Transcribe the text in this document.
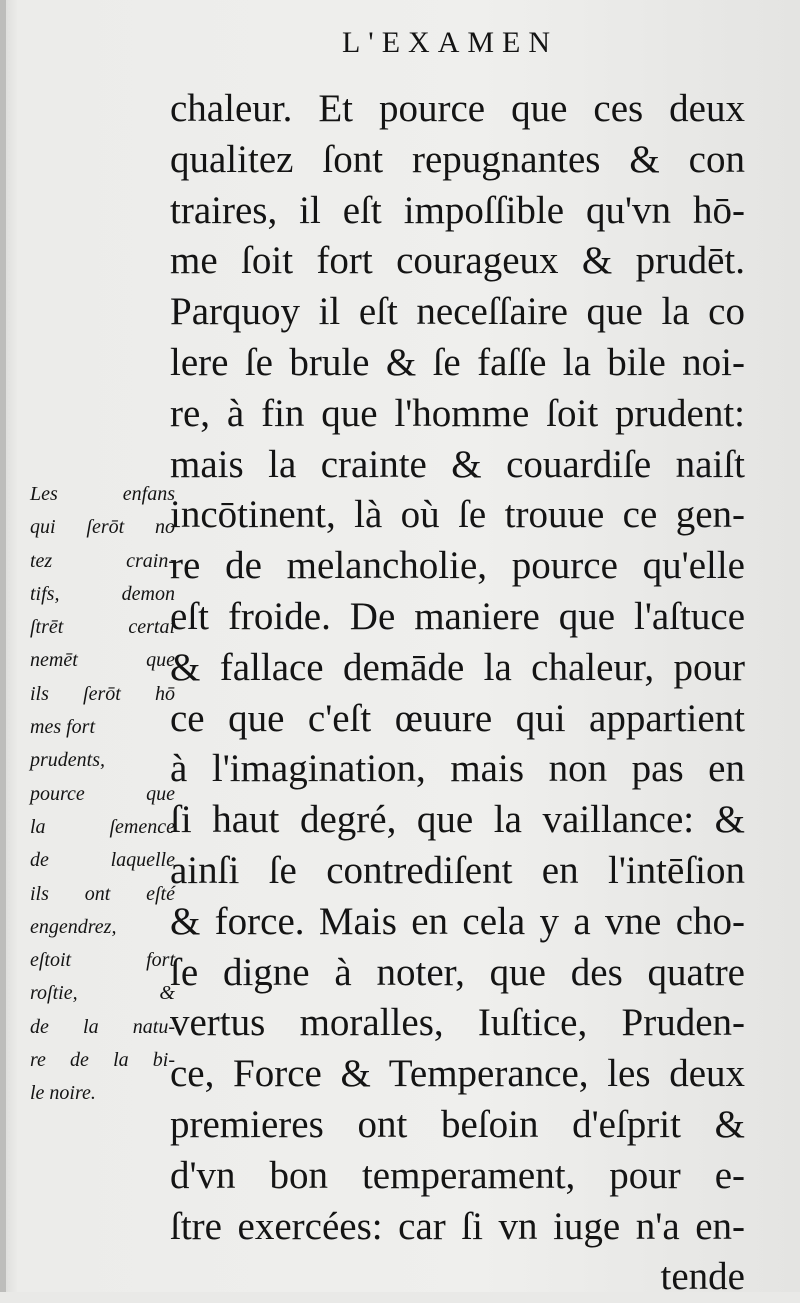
L'EXAMEN
chaleur. Et pource que ces deux
qualitez ſont repugnantes & con
traires, il eſt impoſſible qu'vn hō-
me ſoit fort courageux & prudēt.
Parquoy il eſt neceſſaire que la co
lere ſe brule & ſe faſſe la bile noi-
re, à fin que l'homme ſoit prudent:
mais la crainte & couardiſe naiſt
incōtinent, là où ſe trouue ce gen-
re de melancholie, pource qu'elle
eſt froide. De maniere que l'aſtuce
& fallace demāde la chaleur, pour
ce que c'eſt œuure qui appartient
à l'imagination, mais non pas en
ſi haut degré, que la vaillance: &
ainſi ſe contrediſent en l'intēſion
& force. Mais en cela y a vne cho-
ſe digne à noter, que des quatre
vertus moralles, Iuſtice, Pruden-
ce, Force & Temperance, les deux
premieres ont beſoin d'eſprit &
d'vn bon temperament, pour e-
ſtre exercées: car ſi vn iuge n'a en-
tende
Les enfans
qui ſerōt no
tez crain-
tifs, demon
ſtrēt certai
nemēt que
ils ſerōt hō
mes fort
prudents,
pource que
la ſemence
de laquelle
ils ont eſté
engendrez,
eſtoit fort
roſtie, &
de la natu-
re de la bi-
le noire.
